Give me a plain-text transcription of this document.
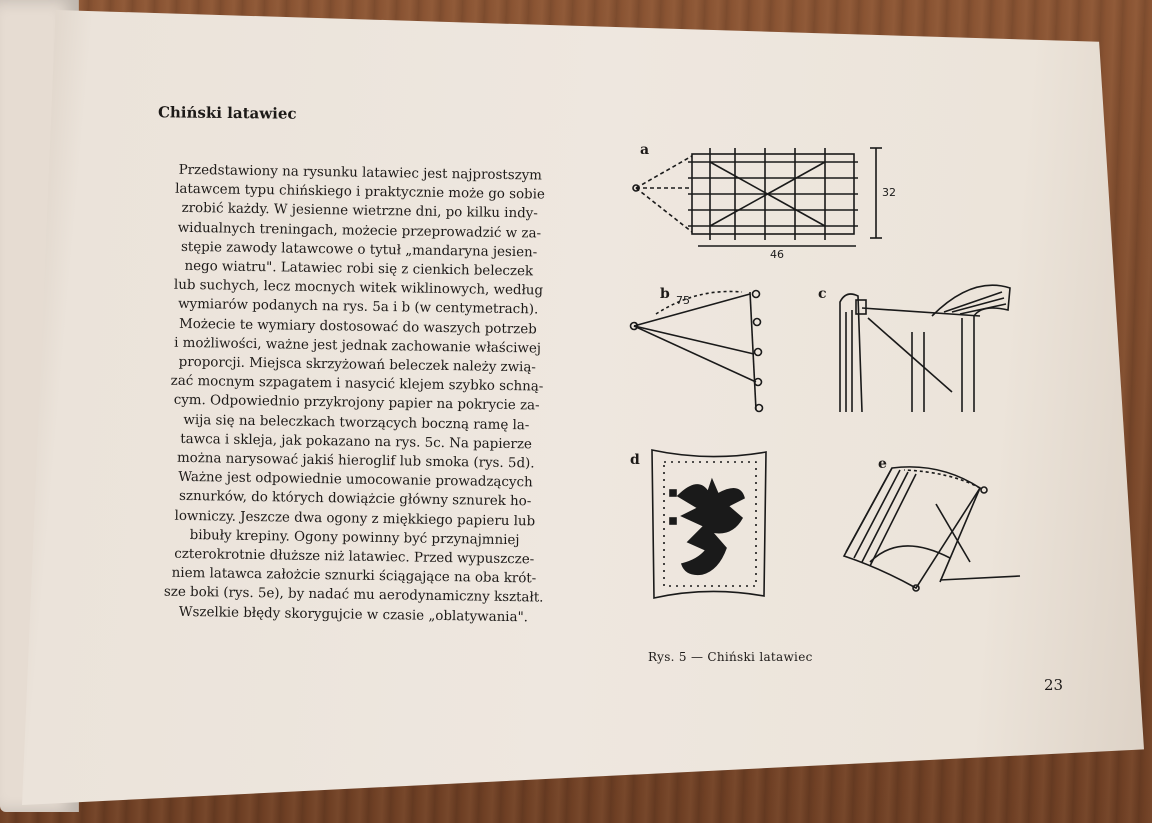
Chiński latawiec
Przedstawiony na rysunku latawiec jest najprostszym
latawcem typu chińskiego i praktycznie może go sobie
zrobić każdy. W jesienne wietrzne dni, po kilku indy-
widualnych treningach, możecie przeprowadzić w za-
stępie zawody latawcowe o tytuł „mandaryna jesien-
nego wiatru". Latawiec robi się z cienkich beleczek
lub suchych, lecz mocnych witek wiklinowych, według
wymiarów podanych na rys. 5a i b (w centymetrach).
Możecie te wymiary dostosować do waszych potrzeb
i możliwości, ważne jest jednak zachowanie właściwej
proporcji. Miejsca skrzyżowań beleczek należy zwią-
zać mocnym szpagatem i nasycić klejem szybko schną-
cym. Odpowiednio przykrojony papier na pokrycie za-
wija się na beleczkach tworzących boczną ramę la-
tawca i skleja, jak pokazano na rys. 5c. Na papierze
można narysować jakiś hieroglif lub smoka (rys. 5d).
Ważne jest odpowiednie umocowanie prowadzących
sznurków, do których dowiążcie główny sznurek ho-
lowniczy. Jeszcze dwa ogony z miękkiego papieru lub
bibuły krepiny. Ogony powinny być przynajmniej
czterokrotnie dłuższe niż latawiec. Przed wypuszcze-
niem latawca założcie sznurki ściągające na oba krót-
sze boki (rys. 5e), by nadać mu aerodynamiczny kształt.
Wszelkie błędy skorygujcie w czasie „oblatywania".
a
32
46
b 75	c
d	e
Rys. 5 — Chiński latawiec
23
